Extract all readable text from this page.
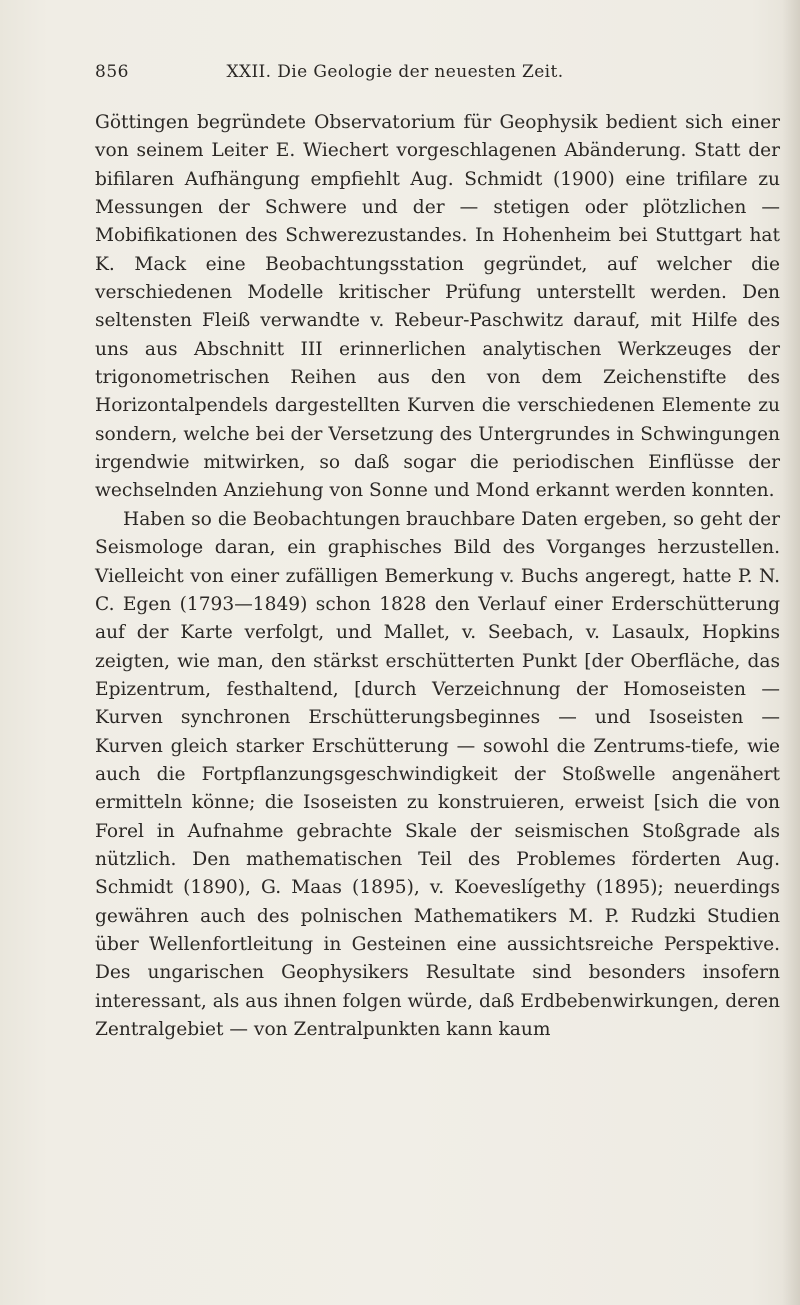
856	XXII. Die Geologie der neuesten Zeit.

Göttingen begründete Observatorium für Geophysik bedient sich einer von seinem Leiter E. Wiechert vorgeschlagenen Abänderung. Statt der bifilaren Aufhängung empfiehlt Aug. Schmidt (1900) eine trifilare zu Messungen der Schwere und der — stetigen oder plötzlichen — Mobifikationen des Schwerezustandes. In Hohenheim bei Stuttgart hat K. Mack eine Beobachtungsstation gegründet, auf welcher die verschiedenen Modelle kritischer Prüfung unterstellt werden. Den seltensten Fleiß verwandte v. Rebeur-Paschwitz darauf, mit Hilfe des uns aus Abschnitt III erinnerlichen analytischen Werkzeuges der trigonometrischen Reihen aus den von dem Zeichenstifte des Horizontalpendels dargestellten Kurven die verschiedenen Elemente zu sondern, welche bei der Versetzung des Untergrundes in Schwingungen irgendwie mitwirken, so daß sogar die periodischen Einflüsse der wechselnden Anziehung von Sonne und Mond erkannt werden konnten.

Haben so die Beobachtungen brauchbare Daten ergeben, so geht der Seismologe daran, ein graphisches Bild des Vorganges herzustellen. Vielleicht von einer zufälligen Bemerkung v. Buchs angeregt, hatte P. N. C. Egen (1793—1849) schon 1828 den Verlauf einer Erderschütterung auf der Karte verfolgt, und Mallet, v. Seebach, v. Lasaulx, Hopkins zeigten, wie man, den stärkst erschütterten Punkt [der Oberfläche, das Epizentrum, festhaltend, [durch Verzeichnung der Homoseisten — Kurven synchronen Erschütterungsbeginnes — und Isoseisten — Kurven gleich starker Erschütterung — sowohl die Zentrums-tiefe, wie auch die Fortpflanzungsgeschwindigkeit der Stoßwelle angenähert ermitteln könne; die Isoseisten zu konstruieren, erweist [sich die von Forel in Aufnahme gebrachte Skale der seismischen Stoßgrade als nützlich. Den mathematischen Teil des Problemes förderten Aug. Schmidt (1890), G. Maas (1895), v. Koeveslígethy (1895); neuerdings gewähren auch des polnischen Mathematikers M. P. Rudzki Studien über Wellenfortleitung in Gesteinen eine aussichtsreiche Perspektive. Des ungarischen Geophysikers Resultate sind besonders insofern interessant, als aus ihnen folgen würde, daß Erdbebenwirkungen, deren Zentralgebiet — von Zentralpunkten kann kaum
